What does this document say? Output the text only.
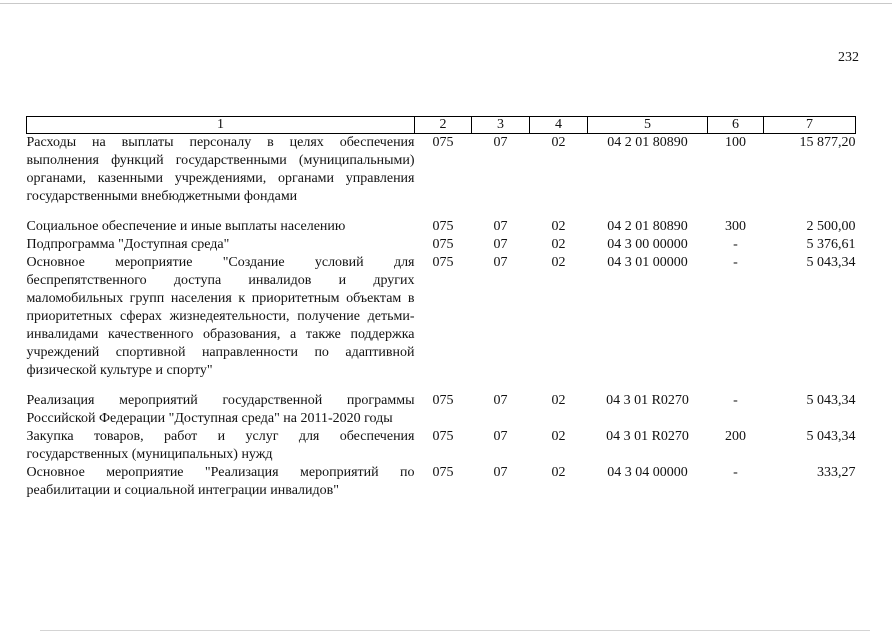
232
1	2	3	4	5	6	7
Расходы на выплаты персоналу в целях обеспечения выполнения функций государственными (муниципальными) органами, казенными учреждениями, органами управления государственными внебюджетными фондами	075	07	02	04 2 01 80890	100	15 877,20
Социальное обеспечение и иные выплаты населению	075	07	02	04 2 01 80890	300	2 500,00
Подпрограмма "Доступная среда"	075	07	02	04 3 00 00000	-	5 376,61
Основное мероприятие "Создание условий для беспрепятственного доступа инвалидов и других маломобильных групп населения к приоритетным объектам в приоритетных сферах жизнедеятельности, получение детьми-инвалидами качественного образования, а также поддержка учреждений спортивной направленности по адаптивной физической культуре и спорту"	075	07	02	04 3 01 00000	-	5 043,34
Реализация мероприятий государственной программы Российской Федерации "Доступная среда" на 2011-2020 годы	075	07	02	04 3 01 R0270	-	5 043,34
Закупка товаров, работ и услуг для обеспечения государственных (муниципальных) нужд	075	07	02	04 3 01 R0270	200	5 043,34
Основное мероприятие "Реализация мероприятий по реабилитации и социальной интеграции инвалидов"	075	07	02	04 3 04 00000	-	333,27
